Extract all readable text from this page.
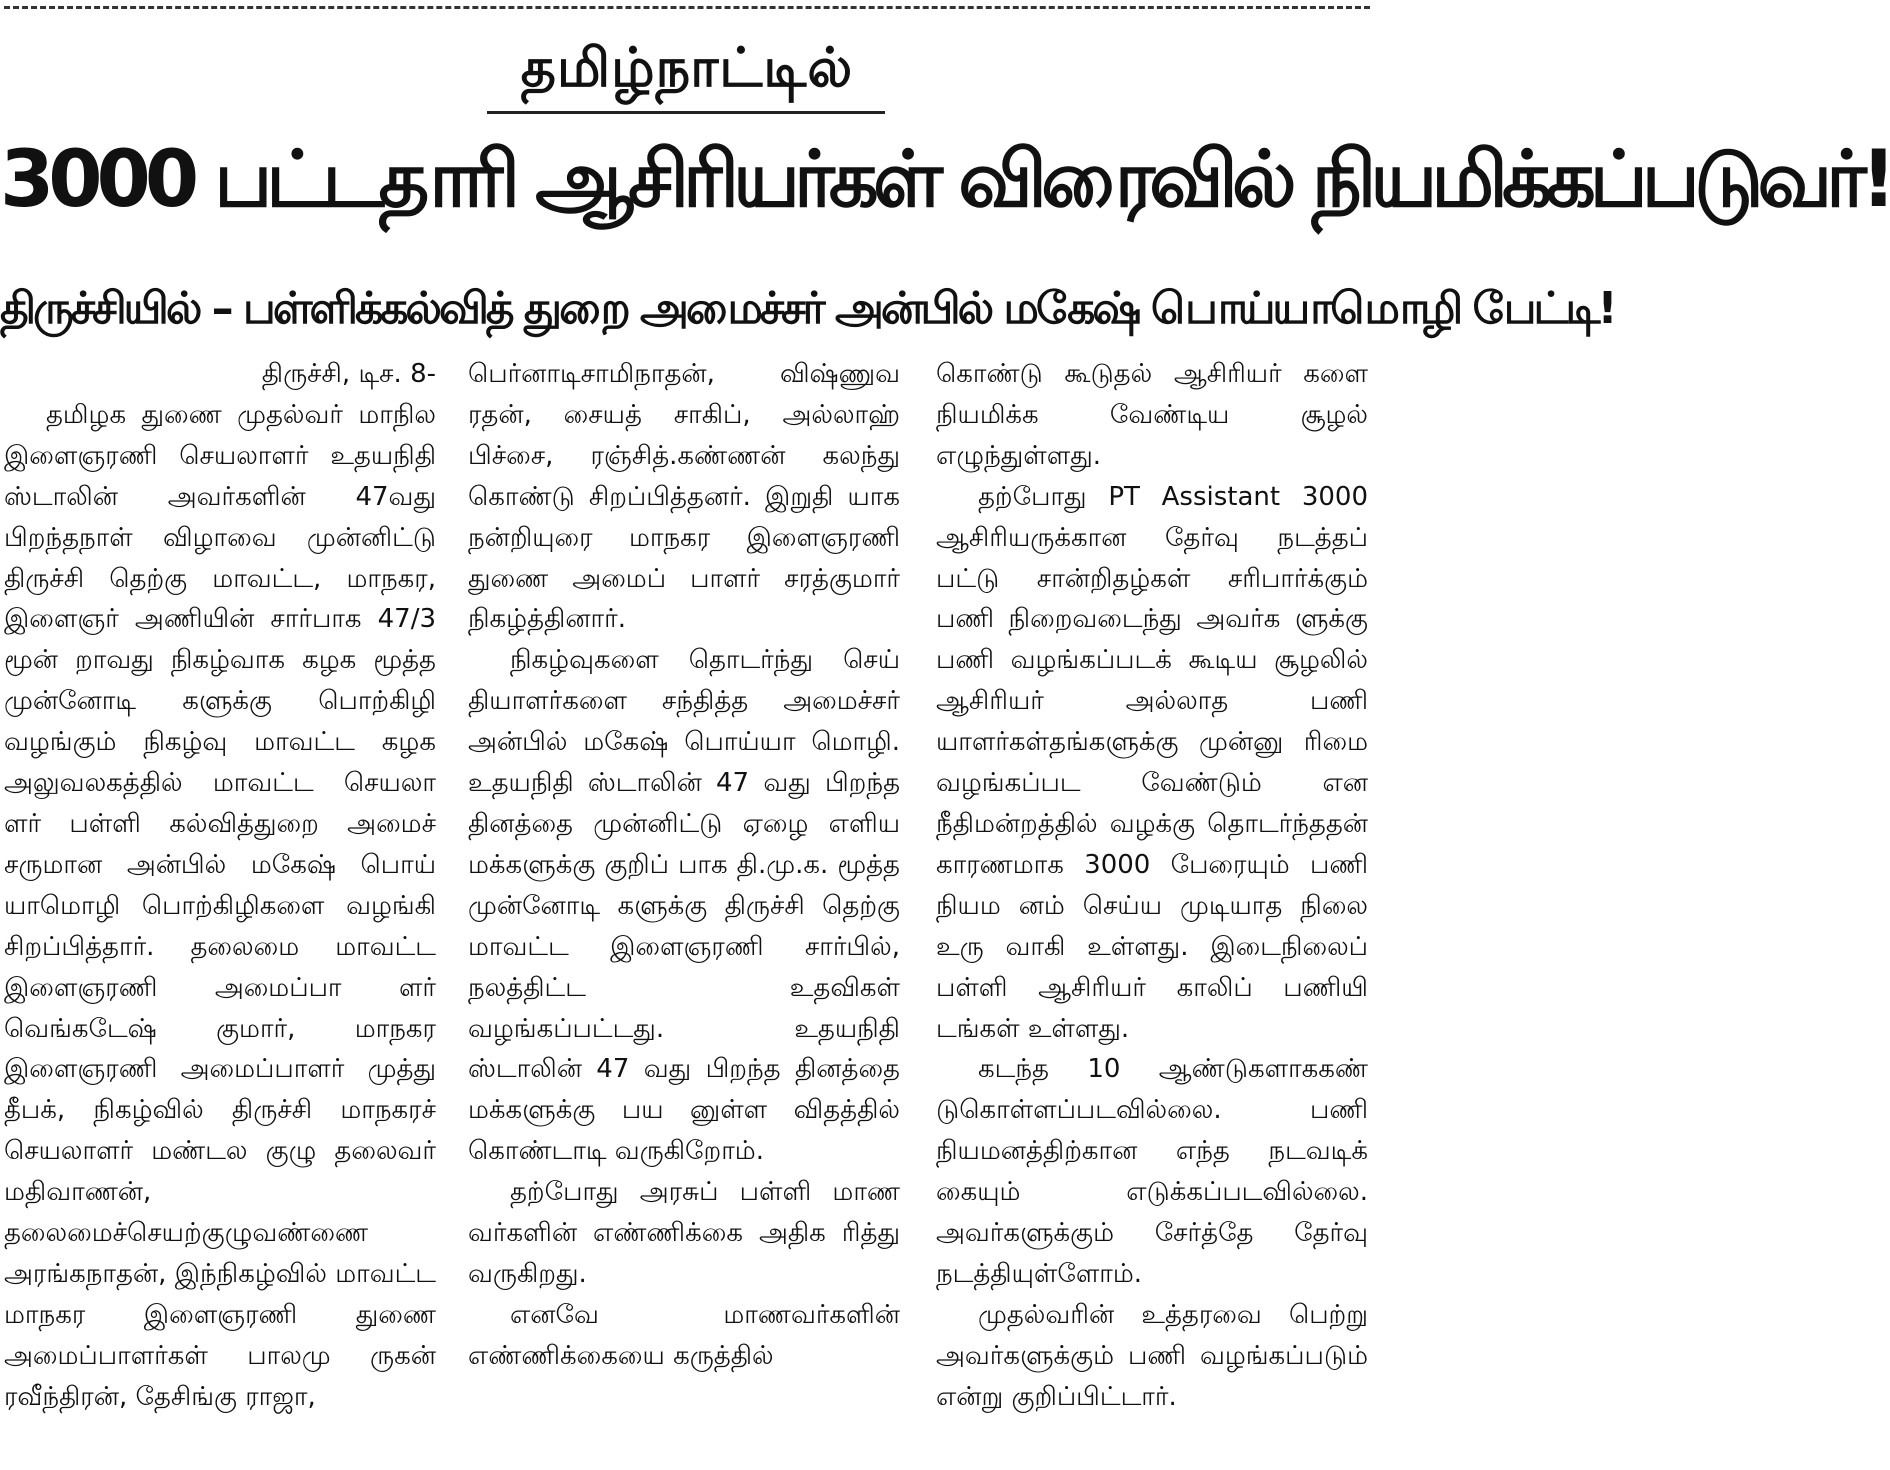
தமிழ்நாட்டில்
3000 பட்டதாரி ஆசிரியர்கள் விரைவில் நியமிக்கப்படுவர்!
திருச்சியில் – பள்ளிக்கல்வித் துறை அமைச்சர் அன்பில் மகேஷ் பொய்யாமொழி பேட்டி!

திருச்சி, டிச. 8-

தமிழக துணை முதல்வர் மாநில இளைஞரணி செயலாளர் உதயநிதி ஸ்டாலின் அவர்களின் 47வது பிறந்தநாள் விழாவை முன்னிட்டு திருச்சி தெற்கு மாவட்ட, மாநகர, இளைஞர் அணியின் சார்பாக 47/3 மூன் றாவது நிகழ்வாக கழக மூத்த முன்னோடி களுக்கு பொற்கிழி வழங்கும் நிகழ்வு மாவட்ட கழக அலுவலகத்தில் மாவட்ட செயலா ளர் பள்ளி கல்வித்துறை அமைச் சருமான அன்பில் மகேஷ் பொய் யாமொழி பொற்கிழிகளை வழங்கி சிறப்பித்தார். தலைமை மாவட்ட இளைஞரணி அமைப்பா ளர் வெங்கடேஷ் குமார், மாநகர இளைஞரணி அமைப்பாளர் முத்து தீபக், நிகழ்வில் திருச்சி மாநகரச் செயலாளர் மண்டல குழு தலைவர் மதிவாணன், தலைமைச்செயற்குழுவண்ணை அரங்கநாதன், இந்நிகழ்வில் மாவட்ட மாநகர இளைஞரணி துணை அமைப்பாளர்கள் பாலமு ருகன் ரவீந்திரன், தேசிங்கு ராஜா,

பெர்னாடிசாமிநாதன், விஷ்ணுவ ரதன், சையத் சாகிப், அல்லாஹ் பிச்சை, ரஞ்சித்.கண்ணன் கலந்து கொண்டு சிறப்பித்தனர். இறுதி யாக நன்றியுரை மாநகர இளைஞரணி துணை அமைப் பாளர் சரத்குமார் நிகழ்த்தினார்.

நிகழ்வுகளை தொடர்ந்து செய் தியாளர்களை சந்தித்த அமைச்சர் அன்பில் மகேஷ் பொய்யா மொழி. உதயநிதி ஸ்டாலின் 47 வது பிறந்த தினத்தை முன்னிட்டு ஏழை எளிய மக்களுக்கு குறிப் பாக தி.மு.க. மூத்த முன்னோடி களுக்கு திருச்சி தெற்கு மாவட்ட இளைஞரணி சார்பில், நலத்திட்ட உதவிகள் வழங்கப்பட்டது. உதயநிதி ஸ்டாலின் 47 வது பிறந்த தினத்தை மக்களுக்கு பய னுள்ள விதத்தில் கொண்டாடி வருகிறோம்.

தற்போது அரசுப் பள்ளி மாண வர்களின் எண்ணிக்கை அதிக ரித்து வருகிறது.

எனவே மாணவர்களின் எண்ணிக்கையை கருத்தில்

கொண்டு கூடுதல் ஆசிரியர் களை நியமிக்க வேண்டிய சூழல் எழுந்துள்ளது.

தற்போது PT Assistant 3000 ஆசிரியருக்கான தேர்வு நடத்தப் பட்டு சான்றிதழ்கள் சரிபார்க்கும் பணி நிறைவடைந்து அவர்க ளுக்கு பணி வழங்கப்படக் கூடிய சூழலில் ஆசிரியர் அல்லாத பணி யாளர்கள்தங்களுக்கு முன்னு ரிமை வழங்கப்பட வேண்டும் என நீதிமன்றத்தில் வழக்கு தொடர்ந்ததன் காரணமாக 3000 பேரையும் பணி நியம னம் செய்ய முடியாத நிலை உரு வாகி உள்ளது. இடைநிலைப் பள்ளி ஆசிரியர் காலிப் பணியி டங்கள் உள்ளது.

கடந்த 10 ஆண்டுகளாககண் டுகொள்ளப்படவில்லை. பணி நியமனத்திற்கான எந்த நடவடிக் கையும் எடுக்கப்படவில்லை. அவர்களுக்கும் சேர்த்தே தேர்வு நடத்தியுள்ளோம்.

முதல்வரின் உத்தரவை பெற்று அவர்களுக்கும் பணி வழங்கப்படும் என்று குறிப்பிட்டார்.
